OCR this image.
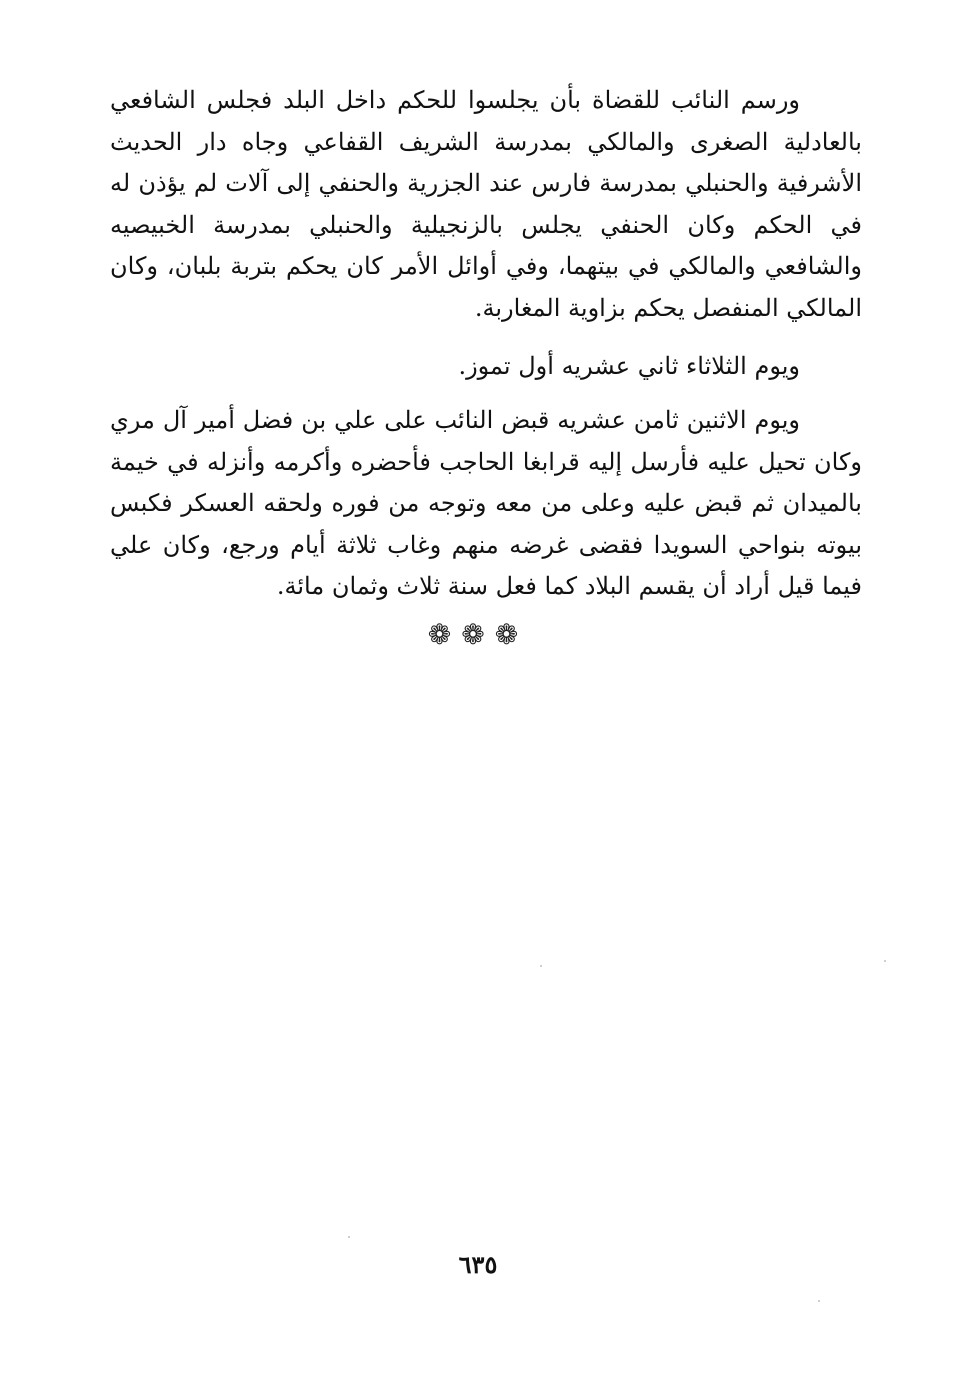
ورسم النائب للقضاة بأن يجلسوا للحكم داخل البلد فجلس الشافعي بالعادلية الصغرى والمالكي بمدرسة الشريف القفاعي وجاه دار الحديث الأشرفية والحنبلي بمدرسة فارس عند الجزرية والحنفي إلى آلات لم يؤذن له في الحكم وكان الحنفي يجلس بالزنجيلية والحنبلي بمدرسة الخبيصيه والشافعي والمالكي في بيتهما، وفي أوائل الأمر كان يحكم بتربة بلبان، وكان المالكي المنفصل يحكم بزاوية المغاربة.

ويوم الثلاثاء ثاني عشريه أول تموز.

ويوم الاثنين ثامن عشريه قبض النائب على علي بن فضل أمير آل مري وكان تحيل عليه فأرسل إليه قرابغا الحاجب فأحضره وأكرمه وأنزله في خيمة بالميدان ثم قبض عليه وعلى من معه وتوجه من فوره ولحقه العسكر فكبس بيوته بنواحي السويدا فقضى غرضه منهم وغاب ثلاثة أيام ورجع، وكان علي فيما قيل أراد أن يقسم البلاد كما فعل سنة ثلاث وثمان مائة.

❁❁❁
٦٣٥
